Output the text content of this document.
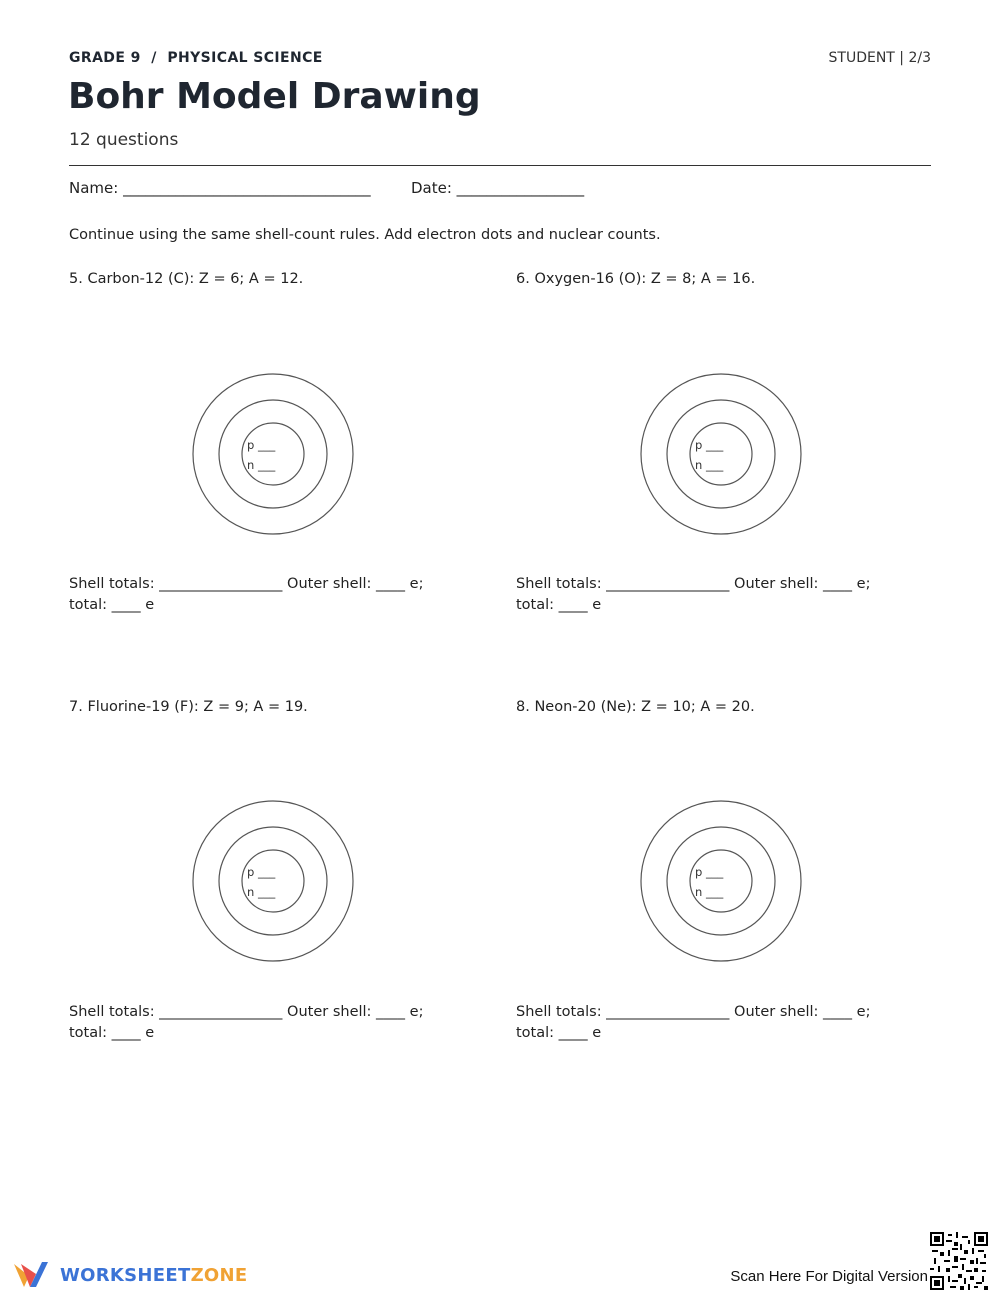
GRADE 9 / PHYSICAL SCIENCE	STUDENT | 2/3
Bohr Model Drawing
12 questions
Name: _________________________________	Date: _________________
Continue using the same shell-count rules. Add electron dots and nuclear counts.
5. Carbon-12 (C): Z = 6; A = 12.
p ___
n ___
Shell totals: _________________ Outer shell: ____ e;
total: ____ e
6. Oxygen-16 (O): Z = 8; A = 16.
p ___
n ___
Shell totals: _________________ Outer shell: ____ e;
total: ____ e
7. Fluorine-19 (F): Z = 9; A = 19.
p ___
n ___
Shell totals: _________________ Outer shell: ____ e;
total: ____ e
8. Neon-20 (Ne): Z = 10; A = 20.
p ___
n ___
Shell totals: _________________ Outer shell: ____ e;
total: ____ e
WORKSHEETZONE	Scan Here For Digital Version
